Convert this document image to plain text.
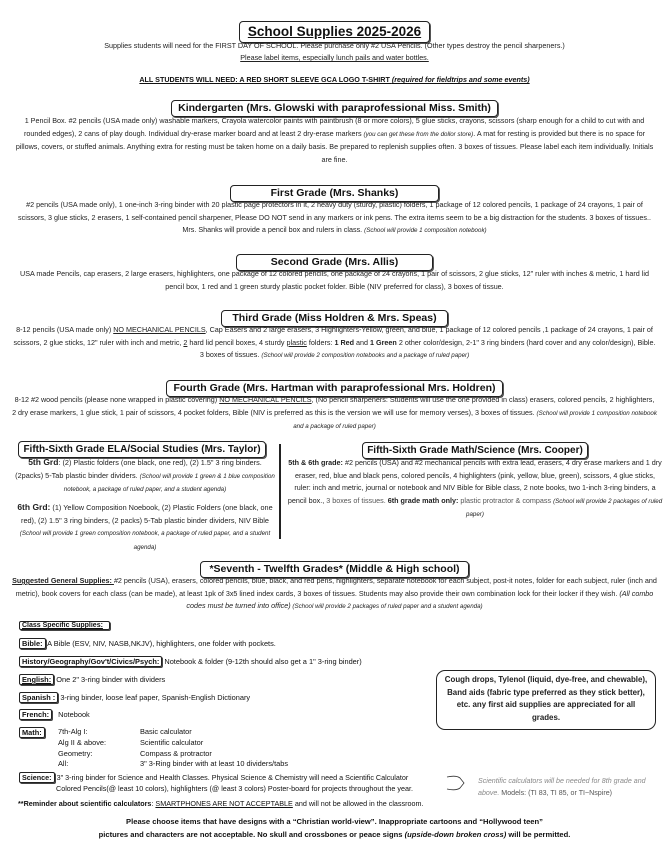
School Supplies 2025-2026
Supplies students will need for the FIRST DAY OF SCHOOL. Please purchase only #2 USA Pencils. (Other types destroy the pencil sharpeners.)
Please label items, especially lunch pails and water bottles.
ALL STUDENTS WILL NEED: A RED SHORT SLEEVE GCA LOGO T-SHIRT (required for fieldtrips and some events)
Kindergarten (Mrs. Glowski with paraprofessional Miss. Smith)
1 Pencil Box. #2 pencils (USA made only) washable markers, Crayola watercolor paints with paintbrush (8 or more colors), 5 glue sticks, crayons, scissors (sharp enough for a child to cut with and rounded edges), 2 cans of play dough. Individual dry-erase marker board and at least 2 dry-erase markers (you can get these from the dollor store). A mat for resting is provided but there is no space for pillows, covers, or stuffed animals. Anything extra for resting must be taken home on a daily basis. Be prepared to replenish supplies often. 3 boxes of tissues. Please label each item individually. Initials are fine.
First Grade (Mrs. Shanks)
#2 pencils (USA made only), 1 one-inch 3-ring binder with 20 plastic page protectors in it, 2 heavy duty (sturdy, plastic) folders, 1 package of 12 colored pencils, 1 package of 24 crayons, 1 pair of scissors, 3 glue sticks, 2 erasers, 1 self-contained pencil sharpener, Please DO NOT send in any markers or ink pens. The extra items seem to be a big distraction for the students. 3 boxes of tissues.. Mrs. Shanks will provide a pencil box and rulers in class. (School will provide 1 composition notebook)
Second Grade (Mrs. Allis)
USA made Pencils, cap erasers, 2 large erasers, highlighters, one package of 12 colored pencils, one package of 24 crayons, 1 pair of scissors, 2 glue sticks, 12" ruler with inches & metric, 1 hard lid pencil box, 1 red and 1 green sturdy plastic pocket folder. Bible (NIV preferred for class), 3 boxes of tissue.
Third Grade (Miss Holdren & Mrs. Speas)
8-12 pencils (USA made only) NO MECHANICAL PENCILS, Cap Easers and 2 large erasers, 3 Highlighters-Yellow, green, and blue, 1 package of 12 colored pencils ,1 package of 24 crayons, 1 pair of scissors, 2 glue sticks, 12" ruler with inch and metric, 2 hard lid pencil boxes, 4 sturdy plastic folders: 1 Red and 1 Green 2 other color/design, 2-1" 3 ring binders (hard cover and any color/design), Bible. 3 boxes of tissues. (School will provide 2 composition notebooks and a package of ruled paper)
Fourth Grade (Mrs. Hartman with paraprofessional Mrs. Holdren)
8-12 #2 wood pencils (please none wrapped in plastic covering) NO MECHANICAL PENCILS, (No pencil sharpeners: Students will use the one provided in class) erasers, colored pencils, 2 highlighters, 2 dry erase markers, 1 glue stick, 1 pair of scissors, 4 pocket folders, Bible (NIV is preferred as this is the version we will use for memory verses), 3 boxes of tissues. (School will provide 1 composition notebook and a package of ruled paper)
Fifth-Sixth Grade ELA/Social Studies (Mrs. Taylor)
5th Grd: (2) Plastic folders (one black, one red), (2) 1.5" 3 ring binders. (2packs) 5-Tab plastic binder dividers. (School will provide 1 green & 1 blue composition notebook, a package of ruled paper, and a student agenda)
6th Grd: (1) Yellow Composition Noebook, (2) Plastic Folders (one black, one red), (2) 1.5" 3 ring binders, (2 packs) 5-Tab plastic binder dividers, NIV Bible (School will provide 1 green composition notebook, a package of ruled paper, and a student agenda)
Fifth-Sixth Grade Math/Science (Mrs. Cooper)
5th & 6th grade: #2 pencils (USA) and #2 mechanical pencils with extra lead, erasers, 4 dry erase markers and 1 dry eraser, red, blue and black pens, colored pencils, 4 highlighters (pink, yellow, blue, green), scissors, 4 glue sticks, ruler: inch and metric, journal or notebook and NIV Bible for Bible class, 2 note books, two 1-inch 3-ring binders, a pencil box., 3 boxes of tissues. 6th grade math only: plastic protractor & compass (School will provide 2 packages of ruled paper)
*Seventh - Twelfth Grades* (Middle & High school)
Suggested General Supplies: #2 pencils (USA), erasers, colored pencils, blue, black, and red pens, highlighters, separate notebook for each subject, post-it notes, folder for each subject, ruler (inch and metric), book covers for each class (can be made), at least 1pk of 3x5 lined index cards, 3 boxes of tissues. Students may also provide their own combination lock for their locker if they wish. (All combo codes must be turned into office) (School will provide 2 packages of ruled paper and a student agenda)
Class Specific Supplies:
Bible: A Bible (ESV, NIV, NASB,NKJV), highlighters, one folder with pockets.
History/Geography/Gov't/Civics/Psych: Notebook & folder (9-12th should also get a 1" 3-ring binder)
English: One 2" 3-ring binder with dividers
Spanish : 3-ring binder, loose leaf paper, Spanish-English Dictionary
French: Notebook
Math:	7th-Alg I:	Basic calculator
Alg II & above:	Scientific calculator
Geometry:	Compass & protractor
All:	3" 3-Ring binder with at least 10 dividers/tabs
Science: 3" 3-ring binder for Science and Health Classes. Physical Science & Chemistry will need a Scientific Calculator
Colored Pencils(@ least 10 colors), highlighters (@ least 3 colors) Poster-board for projects throughout the year.
Scientific calculators will be needed for 8th grade and above. Models: (TI 83, TI 85, or TI~Nspire)
**Reminder about scientific calculators: SMARTPHONES ARE NOT ACCEPTABLE and will not be allowed in the classroom.
Cough drops, Tylenol (liquid, dye-free, and chewable), Band aids (fabric type preferred as they stick better), etc. any first aid supplies are appreciated for all grades.
Please choose items that have designs with a “Christian world-view”. Inappropriate cartoons and “Hollywood teen”
pictures and characters are not acceptable. No skull and crossbones or peace signs (upside-down broken cross) will be permitted.
